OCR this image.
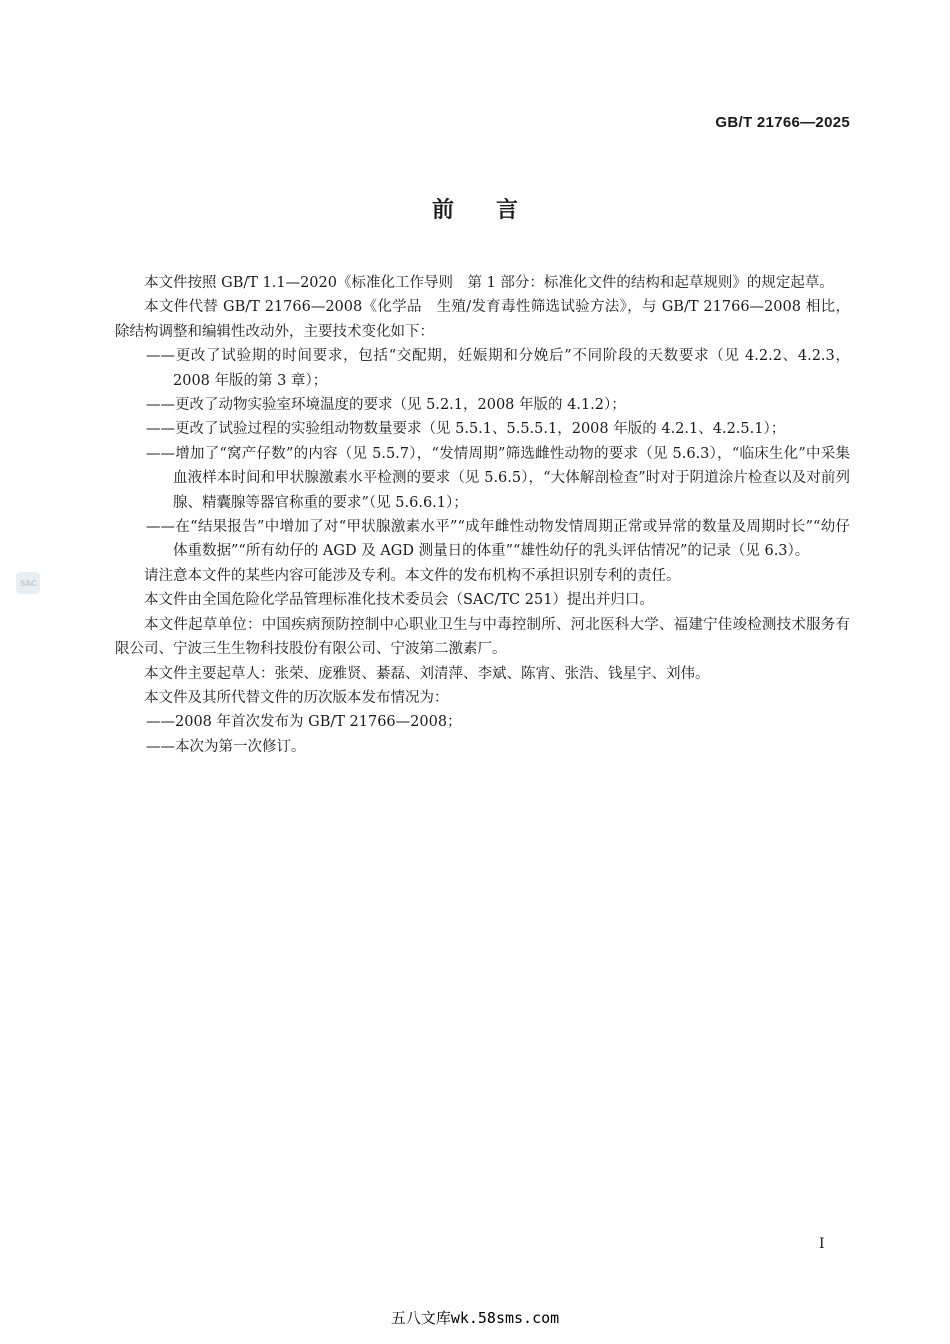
GB/T 21766—2025
前言

本文件按照 GB/T 1.1—2020《标准化工作导则　第 1 部分：标准化文件的结构和起草规则》的规定起草。

本文件代替 GB/T 21766—2008《化学品　生殖/发育毒性筛选试验方法》，与 GB/T 21766—2008 相比，除结构调整和编辑性改动外，主要技术变化如下：

——更改了试验期的时间要求，包括“交配期，妊娠期和分娩后”不同阶段的天数要求（见 4.2.2、4.2.3，2008 年版的第 3 章）；

——更改了动物实验室环境温度的要求（见 5.2.1，2008 年版的 4.1.2）；

——更改了试验过程的实验组动物数量要求（见 5.5.1、5.5.5.1，2008 年版的 4.2.1、4.2.5.1）；

——增加了“窝产仔数”的内容（见 5.5.7），“发情周期”筛选雌性动物的要求（见 5.6.3），“临床生化”中采集血液样本时间和甲状腺激素水平检测的要求（见 5.6.5），“大体解剖检查”时对于阴道涂片检查以及对前列腺、精囊腺等器官称重的要求”（见 5.6.6.1）；

——在“结果报告”中增加了对“甲状腺激素水平”“成年雌性动物发情周期正常或异常的数量及周期时长”“幼仔体重数据”“所有幼仔的 AGD 及 AGD 测量日的体重”“雄性幼仔的乳头评估情况”的记录（见 6.3）。

请注意本文件的某些内容可能涉及专利。本文件的发布机构不承担识别专利的责任。

本文件由全国危险化学品管理标准化技术委员会（SAC/TC 251）提出并归口。

本文件起草单位：中国疾病预防控制中心职业卫生与中毒控制所、河北医科大学、福建宁佳竣检测技术服务有限公司、宁波三生生物科技股份有限公司、宁波第二激素厂。

本文件主要起草人：张荣、庞雅贤、綦磊、刘清萍、李斌、陈宵、张浩、钱星宇、刘伟。

本文件及其所代替文件的历次版本发布情况为：

——2008 年首次发布为 GB/T 21766—2008；

——本次为第一次修订。

SAC
I
五八文库wk.58sms.com
